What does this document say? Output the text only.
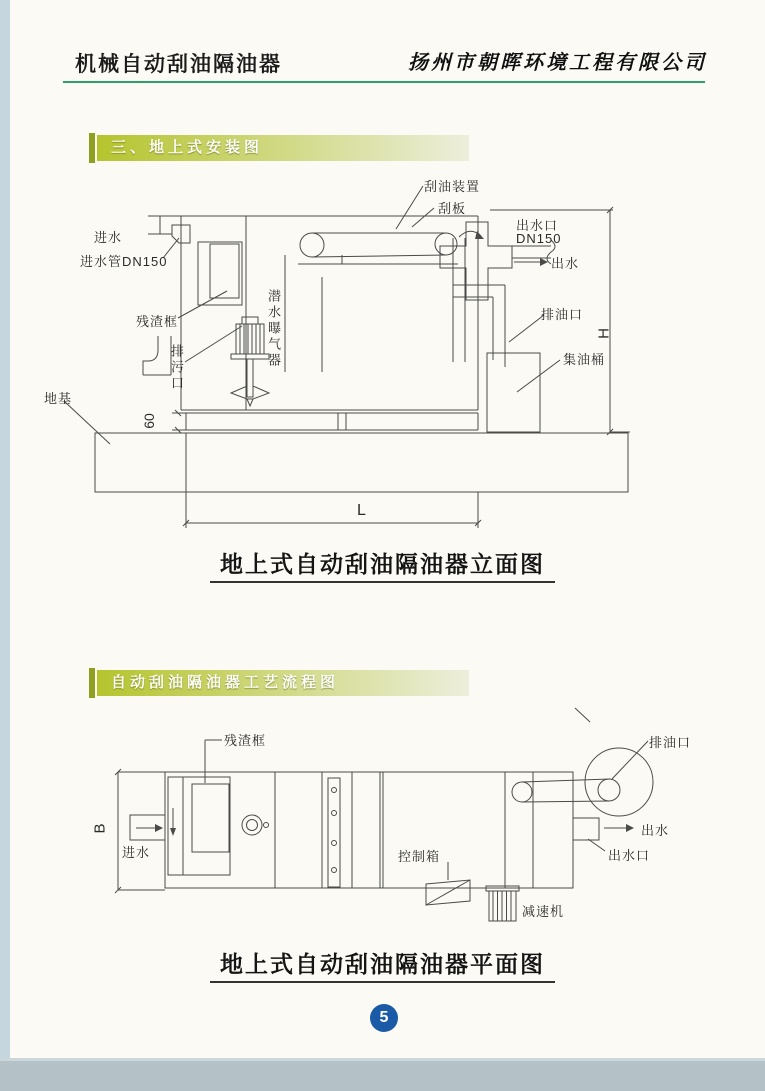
机械自动刮油隔油器	扬州市朝晖环境工程有限公司
三、地上式安装图
自动刮油隔油器工艺流程图
刮油装置
刮板
出水口
DN150
出水
进水
进水管DN150
残渣框
排污口	潜水曝气器
地基
60
L
H
排油口
集油桶
地上式自动刮油隔油器立面图
残渣框
B
进水	控制箱
减速机
排油口
出水
出水口
地上式自动刮油隔油器平面图
5
